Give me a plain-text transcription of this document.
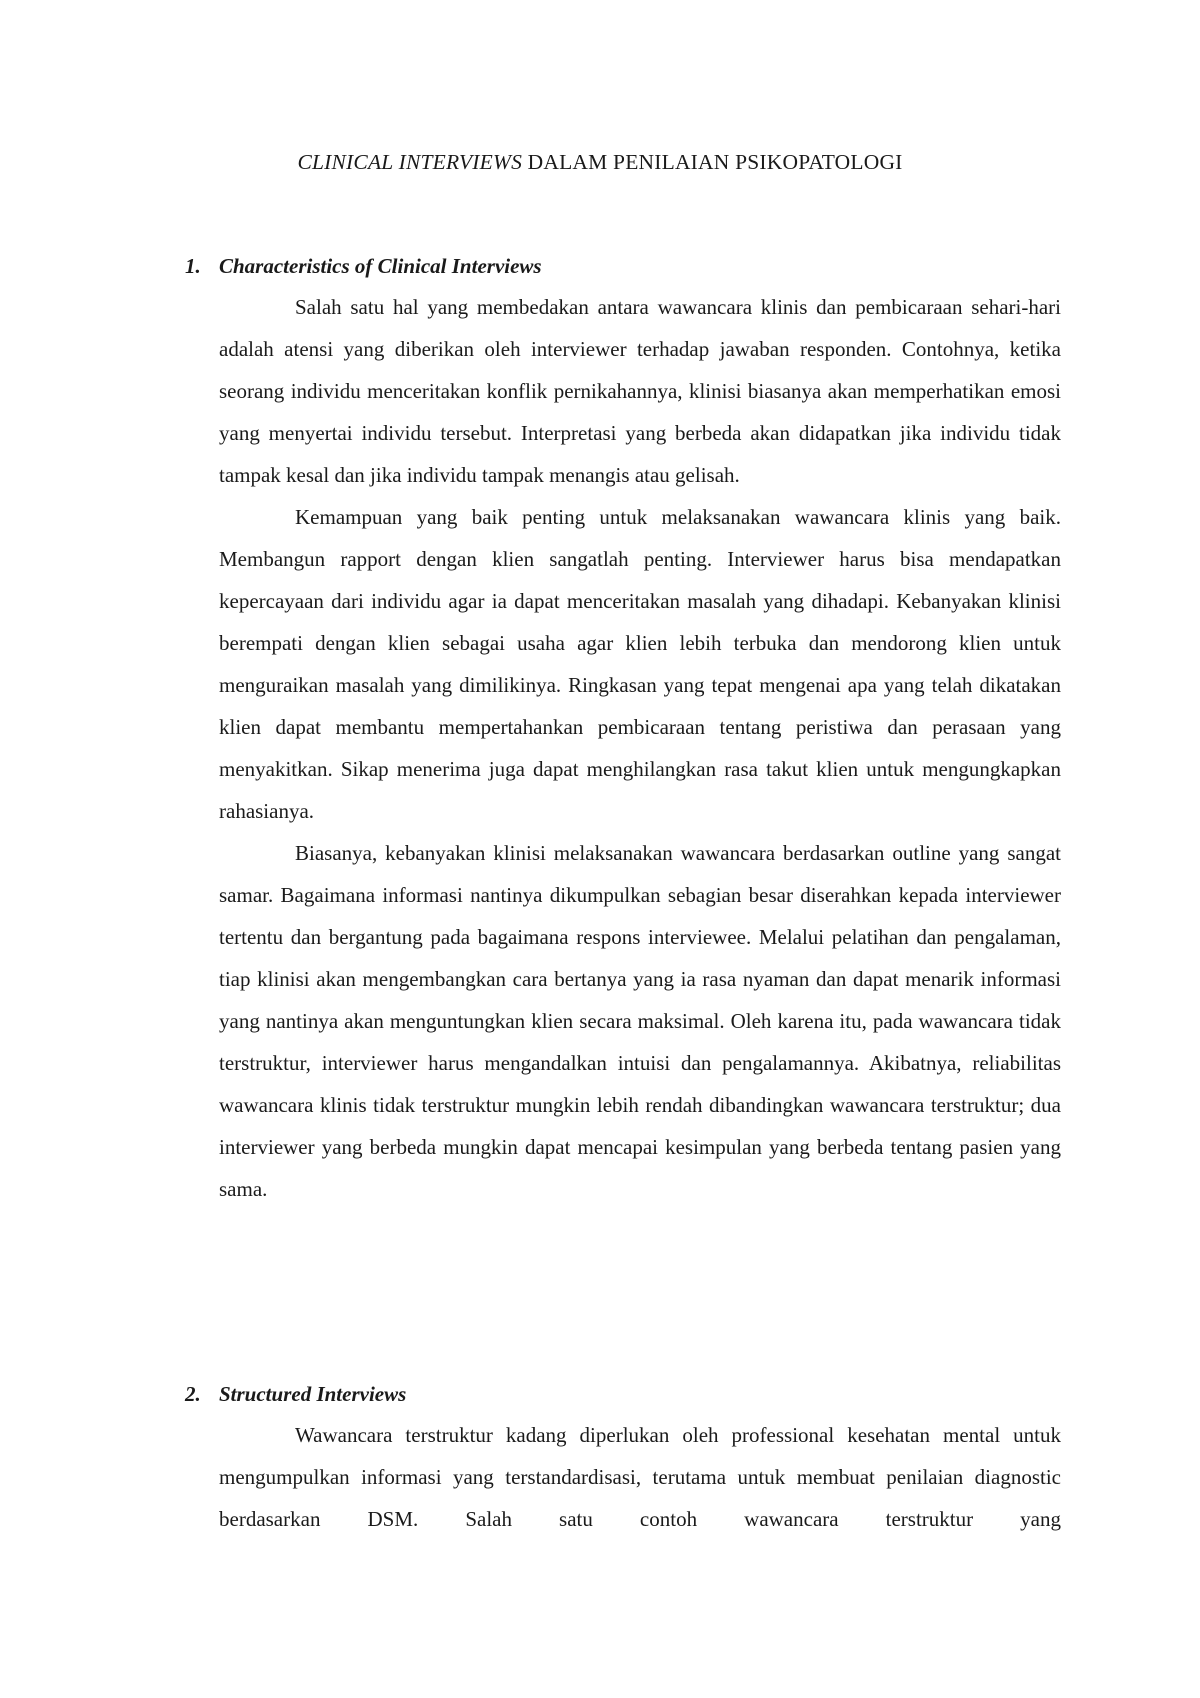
CLINICAL INTERVIEWS DALAM PENILAIAN PSIKOPATOLOGI
1. Characteristics of Clinical Interviews

Salah satu hal yang membedakan antara wawancara klinis dan pembicaraan sehari-hari adalah atensi yang diberikan oleh interviewer terhadap jawaban responden. Contohnya, ketika seorang individu menceritakan konflik pernikahannya, klinisi biasanya akan memperhatikan emosi yang menyertai individu tersebut. Interpretasi yang berbeda akan didapatkan jika individu tidak tampak kesal dan jika individu tampak menangis atau gelisah.

Kemampuan yang baik penting untuk melaksanakan wawancara klinis yang baik. Membangun rapport dengan klien sangatlah penting. Interviewer harus bisa mendapatkan kepercayaan dari individu agar ia dapat menceritakan masalah yang dihadapi. Kebanyakan klinisi berempati dengan klien sebagai usaha agar klien lebih terbuka dan mendorong klien untuk menguraikan masalah yang dimilikinya. Ringkasan yang tepat mengenai apa yang telah dikatakan klien dapat membantu mempertahankan pembicaraan tentang peristiwa dan perasaan yang menyakitkan. Sikap menerima juga dapat menghilangkan rasa takut klien untuk mengungkapkan rahasianya.

Biasanya, kebanyakan klinisi melaksanakan wawancara berdasarkan outline yang sangat samar. Bagaimana informasi nantinya dikumpulkan sebagian besar diserahkan kepada interviewer tertentu dan bergantung pada bagaimana respons interviewee. Melalui pelatihan dan pengalaman, tiap klinisi akan mengembangkan cara bertanya yang ia rasa nyaman dan dapat menarik informasi yang nantinya akan menguntungkan klien secara maksimal. Oleh karena itu, pada wawancara tidak terstruktur, interviewer harus mengandalkan intuisi dan pengalamannya. Akibatnya, reliabilitas wawancara klinis tidak terstruktur mungkin lebih rendah dibandingkan wawancara terstruktur; dua interviewer yang berbeda mungkin dapat mencapai kesimpulan yang berbeda tentang pasien yang sama.

2. Structured Interviews

Wawancara terstruktur kadang diperlukan oleh professional kesehatan mental untuk mengumpulkan informasi yang terstandardisasi, terutama untuk membuat penilaian diagnostic berdasarkan DSM. Salah satu contoh wawancara terstruktur yang
